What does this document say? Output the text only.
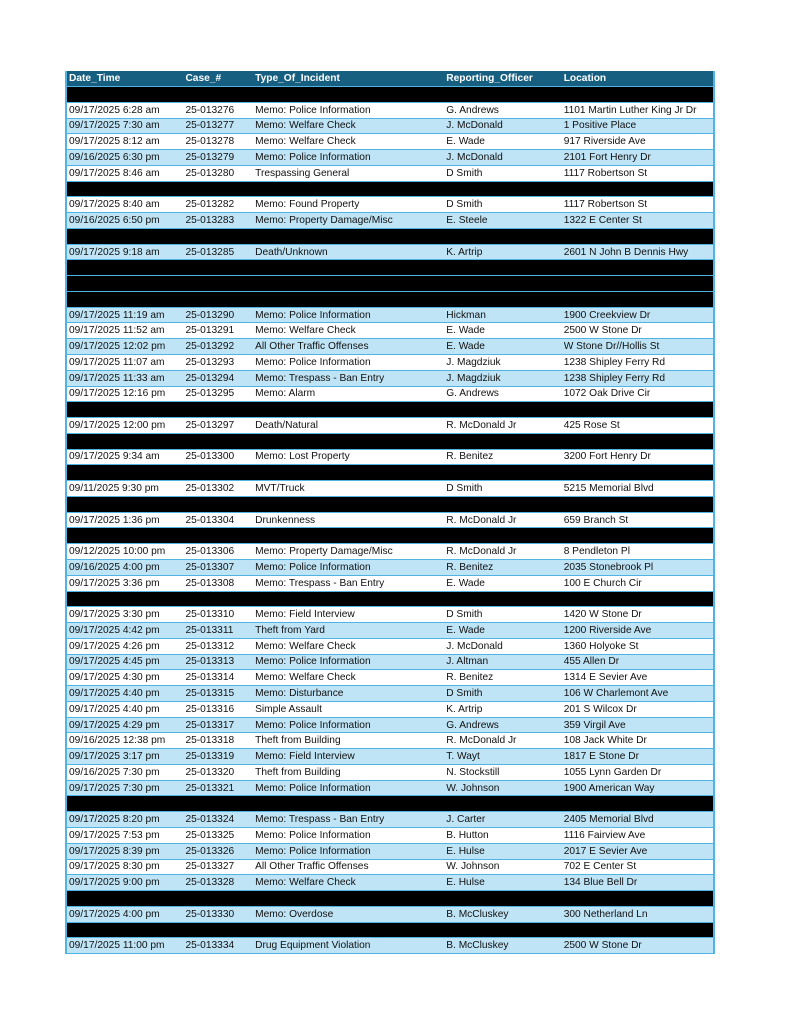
Date_Time	Case_#	Type_Of_Incident	Reporting_Officer	Location
09/17/2025 6:28 am	25-013276	Memo: Police Information	G. Andrews	1101 Martin Luther King Jr Dr
09/17/2025 7:30 am	25-013277	Memo: Welfare Check	J. McDonald	1 Positive Place
09/17/2025 8:12 am	25-013278	Memo: Welfare Check	E. Wade	917 Riverside Ave
09/16/2025 6:30 pm	25-013279	Memo: Police Information	J. McDonald	2101 Fort Henry Dr
09/17/2025 8:46 am	25-013280	Trespassing General	D Smith	1117 Robertson St
09/17/2025 8:40 am	25-013282	Memo: Found Property	D Smith	1117 Robertson St
09/16/2025 6:50 pm	25-013283	Memo: Property Damage/Misc	E. Steele	1322 E Center St
09/17/2025 9:18 am	25-013285	Death/Unknown	K. Artrip	2601 N John B Dennis Hwy
09/17/2025 11:19 am	25-013290	Memo: Police Information	Hickman	1900 Creekview Dr
09/17/2025 11:52 am	25-013291	Memo: Welfare Check	E. Wade	2500 W Stone Dr
09/17/2025 12:02 pm	25-013292	All Other Traffic Offenses	E. Wade	W Stone Dr//Hollis St
09/17/2025 11:07 am	25-013293	Memo: Police Information	J. Magdziuk	1238 Shipley Ferry Rd
09/17/2025 11:33 am	25-013294	Memo: Trespass - Ban Entry	J. Magdziuk	1238 Shipley Ferry Rd
09/17/2025 12:16 pm	25-013295	Memo: Alarm	G. Andrews	1072 Oak Drive Cir
09/17/2025 12:00 pm	25-013297	Death/Natural	R. McDonald Jr	425 Rose St
09/17/2025 9:34 am	25-013300	Memo: Lost Property	R. Benitez	3200 Fort Henry Dr
09/11/2025 9:30 pm	25-013302	MVT/Truck	D Smith	5215 Memorial Blvd
09/17/2025 1:36 pm	25-013304	Drunkenness	R. McDonald Jr	659 Branch St
09/12/2025 10:00 pm	25-013306	Memo: Property Damage/Misc	R. McDonald Jr	8 Pendleton Pl
09/16/2025 4:00 pm	25-013307	Memo: Police Information	R. Benitez	2035 Stonebrook Pl
09/17/2025 3:36 pm	25-013308	Memo: Trespass - Ban Entry	E. Wade	100 E Church Cir
09/17/2025 3:30 pm	25-013310	Memo: Field Interview	D Smith	1420 W Stone Dr
09/17/2025 4:42 pm	25-013311	Theft from Yard	E. Wade	1200 Riverside Ave
09/17/2025 4:26 pm	25-013312	Memo: Welfare Check	J. McDonald	1360 Holyoke St
09/17/2025 4:45 pm	25-013313	Memo: Police Information	J. Altman	455 Allen Dr
09/17/2025 4:30 pm	25-013314	Memo: Welfare Check	R. Benitez	1314 E Sevier Ave
09/17/2025 4:40 pm	25-013315	Memo: Disturbance	D Smith	106 W Charlemont Ave
09/17/2025 4:40 pm	25-013316	Simple Assault	K. Artrip	201 S Wilcox Dr
09/17/2025 4:29 pm	25-013317	Memo: Police Information	G. Andrews	359 Virgil Ave
09/16/2025 12:38 pm	25-013318	Theft from Building	R. McDonald Jr	108 Jack White Dr
09/17/2025 3:17 pm	25-013319	Memo: Field Interview	T. Wayt	1817 E Stone Dr
09/16/2025 7:30 pm	25-013320	Theft from Building	N. Stockstill	1055 Lynn Garden Dr
09/17/2025 7:30 pm	25-013321	Memo: Police Information	W. Johnson	1900 American Way
09/17/2025 8:20 pm	25-013324	Memo: Trespass - Ban Entry	J. Carter	2405 Memorial Blvd
09/17/2025 7:53 pm	25-013325	Memo: Police Information	B. Hutton	1116 Fairview Ave
09/17/2025 8:39 pm	25-013326	Memo: Police Information	E. Hulse	2017 E Sevier Ave
09/17/2025 8:30 pm	25-013327	All Other Traffic Offenses	W. Johnson	702 E Center St
09/17/2025 9:00 pm	25-013328	Memo: Welfare Check	E. Hulse	134 Blue Bell Dr
09/17/2025 4:00 pm	25-013330	Memo: Overdose	B. McCluskey	300 Netherland Ln
09/17/2025 11:00 pm	25-013334	Drug Equipment Violation	B. McCluskey	2500 W Stone Dr
